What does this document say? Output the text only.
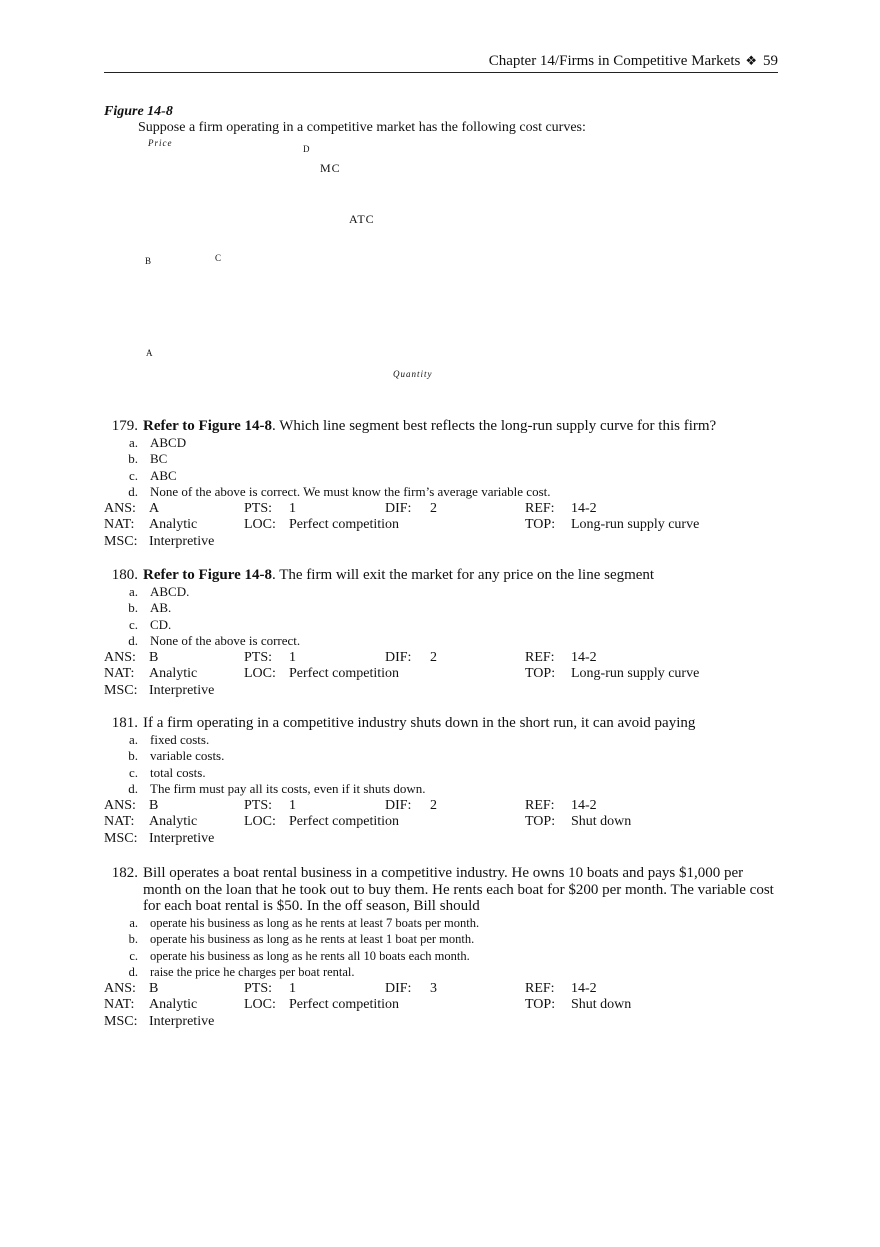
Chapter 14/Firms in Competitive Markets ❖ 59
Figure 14-8
Suppose a firm operating in a competitive market has the following cost curves:
Price
D
MC
ATC
B	C
A
Quantity
179. Refer to Figure 14-8. Which line segment best reflects the long-run supply curve for this firm?
a. ABCD
b. BC
c. ABC
d. None of the above is correct. We must know the firm’s average variable cost.
ANS: A	PTS: 1	DIF: 2	REF: 14-2
NAT: Analytic	LOC: Perfect competition	TOP: Long-run supply curve
MSC: Interpretive
180. Refer to Figure 14-8. The firm will exit the market for any price on the line segment
a. ABCD.
b. AB.
c. CD.
d. None of the above is correct.
ANS: B	PTS: 1	DIF: 2	REF: 14-2
NAT: Analytic	LOC: Perfect competition	TOP: Long-run supply curve
MSC: Interpretive
181. If a firm operating in a competitive industry shuts down in the short run, it can avoid paying
a. fixed costs.
b. variable costs.
c. total costs.
d. The firm must pay all its costs, even if it shuts down.
ANS: B	PTS: 1	DIF: 2	REF: 14-2
NAT: Analytic	LOC: Perfect competition	TOP: Shut down
MSC: Interpretive
182. Bill operates a boat rental business in a competitive industry. He owns 10 boats and pays $1,000 per month on the loan that he took out to buy them. He rents each boat for $200 per month. The variable cost for each boat rental is $50. In the off season, Bill should
a. operate his business as long as he rents at least 7 boats per month.
b. operate his business as long as he rents at least 1 boat per month.
c. operate his business as long as he rents all 10 boats each month.
d. raise the price he charges per boat rental.
ANS: B	PTS: 1	DIF: 3	REF: 14-2
NAT: Analytic	LOC: Perfect competition	TOP: Shut down
MSC: Interpretive
